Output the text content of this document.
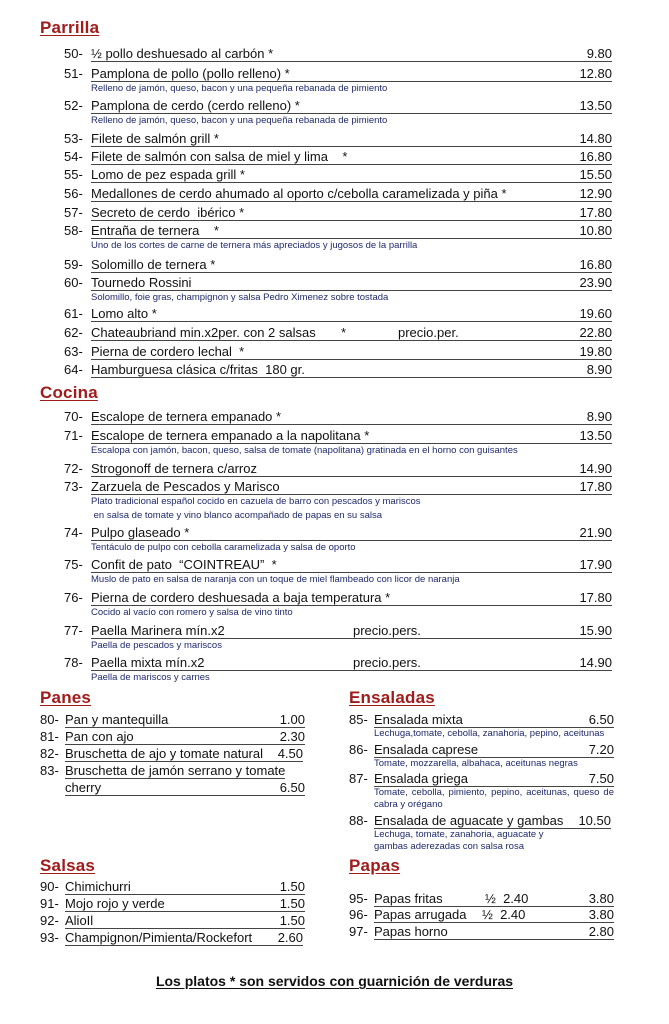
Parrilla
50- ½ pollo deshuesado al carbón *	9.80
51- Pamplona de pollo (pollo relleno) *	12.80
Relleno de jamón, queso, bacon y una pequeña rebanada de pimiento
52- Pamplona de cerdo (cerdo relleno) *	13.50
Relleno de jamón, queso, bacon y una pequeña rebanada de pimiento
53- Filete de salmón grill *	14.80
54- Filete de salmón con salsa de miel y lima    *	16.80
55- Lomo de pez espada grill *	15.50
56- Medallones de cerdo ahumado al oporto c/cebolla caramelizada y piña *	12.90
57- Secreto de cerdo  ibérico *	17.80
58- Entraña de ternera    *	10.80
Uno de los cortes de carne de ternera más apreciados y jugosos de la parrilla
59- Solomillo de ternera *	16.80
60- Tournedo Rossini	23.90
Solomillo, foie gras, champignon y salsa Pedro Ximenez sobre tostada
61- Lomo alto *	19.60
62- Chateaubriand min.x2per. con 2 salsas       *	precio.per.	22.80
63- Pierna de cordero lechal  *	19.80
64- Hamburguesa clásica c/fritas  180 gr.	8.90
Cocina
70- Escalope de ternera empanado *	8.90
71- Escalope de ternera empanado a la napolitana *	13.50
Escalopa con jamón, bacon, queso, salsa de tomate (napolitana) gratinada en el horno con guisantes
72- Strogonoff de ternera c/arroz	14.90
73- Zarzuela de Pescados y Marisco	17.80
Plato tradicional español cocido en cazuela de barro con pescados y mariscos
en salsa de tomate y vino blanco acompañado de papas en su salsa
74- Pulpo glaseado *	21.90
Tentáculo de pulpo con cebolla caramelizada y salsa de oporto
75- Confit de pato  “COINTREAU”  *	17.90
Muslo de pato en salsa de naranja con un toque de miel flambeado con licor de naranja
76- Pierna de cordero deshuesada a baja temperatura *	17.80
Cocido al vacío con romero y salsa de vino tinto
77- Paella Marinera mín.x2	precio.pers.	15.90
Paella de pescados y mariscos
78- Paella mixta mín.x2	precio.pers.	14.90
Paella de mariscos y carnes
Panes
80- Pan y mantequilla	1.00
81- Pan con ajo	2.30
82- Bruschetta de ajo y tomate natural 4.50
83- Bruschetta de jamón serrano y tomate
cherry	6.50
Ensaladas
85- Ensalada mixta	6.50
Lechuga,tomate, cebolla, zanahoria, pepino, aceitunas
86- Ensalada caprese	7.20
Tomate, mozzarella, albahaca, aceitunas negras
87- Ensalada griega	7.50
Tomate, cebolla, pimiento, pepino, aceitunas, queso de cabra y orégano
88- Ensalada de aguacate y gambas 10.50
Lechuga, tomate, zanahoria, aguacate y gambas aderezadas con salsa rosa
Salsas
90- Chimichurri	1.50
91- Mojo rojo y verde	1.50
92- AlioIl	1.50
93- Champignon/Pimienta/Rockefort 2.60
Papas
95- Papas fritas	½  2.40	3.80
96- Papas arrugada ½  2.40	3.80
97- Papas horno	2.80
Los platos * son servidos con guarnición de verduras
